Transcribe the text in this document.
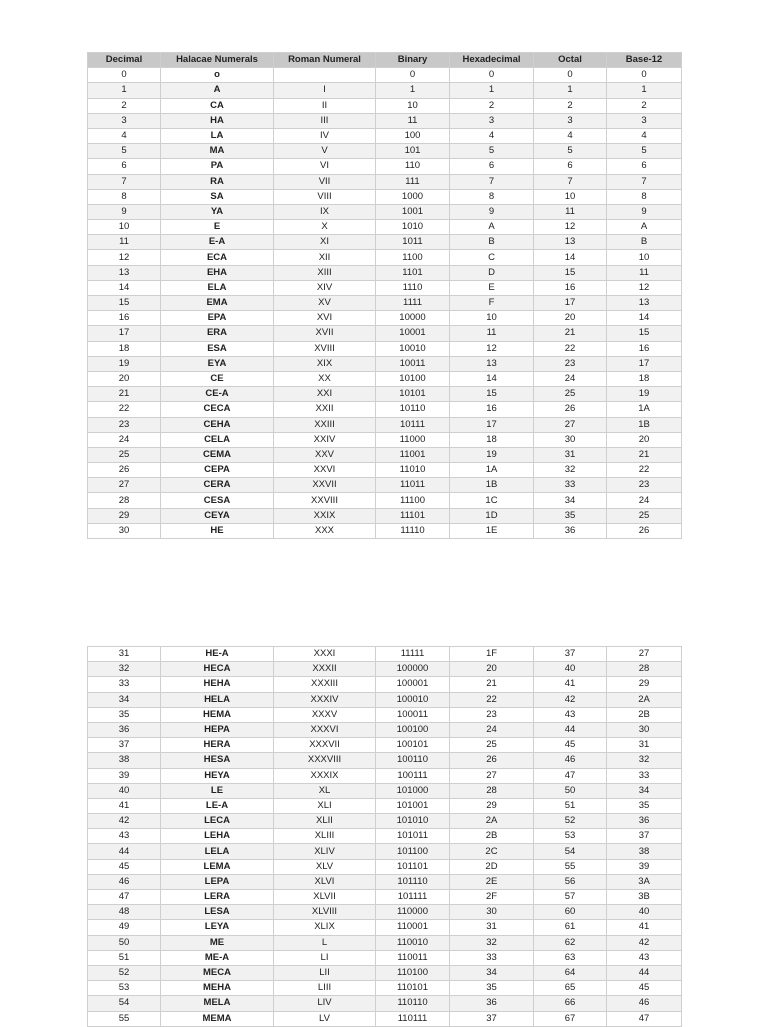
Decimal	Halacae Numerals	Roman Numeral	Binary	Hexadecimal	Octal	Base-12
0	o		0	0	0	0
1	A	I	1	1	1	1
2	CA	II	10	2	2	2
3	HA	III	11	3	3	3
4	LA	IV	100	4	4	4
5	MA	V	101	5	5	5
6	PA	VI	110	6	6	6
7	RA	VII	111	7	7	7
8	SA	VIII	1000	8	10	8
9	YA	IX	1001	9	11	9
10	E	X	1010	A	12	A
11	E-A	XI	1011	B	13	B
12	ECA	XII	1100	C	14	10
13	EHA	XIII	1101	D	15	11
14	ELA	XIV	1110	E	16	12
15	EMA	XV	1111	F	17	13
16	EPA	XVI	10000	10	20	14
17	ERA	XVII	10001	11	21	15
18	ESA	XVIII	10010	12	22	16
19	EYA	XIX	10011	13	23	17
20	CE	XX	10100	14	24	18
21	CE-A	XXI	10101	15	25	19
22	CECA	XXII	10110	16	26	1A
23	CEHA	XXIII	10111	17	27	1B
24	CELA	XXIV	11000	18	30	20
25	CEMA	XXV	11001	19	31	21
26	CEPA	XXVI	11010	1A	32	22
27	CERA	XXVII	11011	1B	33	23
28	CESA	XXVIII	11100	1C	34	24
29	CEYA	XXIX	11101	1D	35	25
30	HE	XXX	11110	1E	36	26
31	HE-A	XXXI	11111	1F	37	27
32	HECA	XXXII	100000	20	40	28
33	HEHA	XXXIII	100001	21	41	29
34	HELA	XXXIV	100010	22	42	2A
35	HEMA	XXXV	100011	23	43	2B
36	HEPA	XXXVI	100100	24	44	30
37	HERA	XXXVII	100101	25	45	31
38	HESA	XXXVIII	100110	26	46	32
39	HEYA	XXXIX	100111	27	47	33
40	LE	XL	101000	28	50	34
41	LE-A	XLI	101001	29	51	35
42	LECA	XLII	101010	2A	52	36
43	LEHA	XLIII	101011	2B	53	37
44	LELA	XLIV	101100	2C	54	38
45	LEMA	XLV	101101	2D	55	39
46	LEPA	XLVI	101110	2E	56	3A
47	LERA	XLVII	101111	2F	57	3B
48	LESA	XLVIII	110000	30	60	40
49	LEYA	XLIX	110001	31	61	41
50	ME	L	110010	32	62	42
51	ME-A	LI	110011	33	63	43
52	MECA	LII	110100	34	64	44
53	MEHA	LIII	110101	35	65	45
54	MELA	LIV	110110	36	66	46
55	MEMA	LV	110111	37	67	47
